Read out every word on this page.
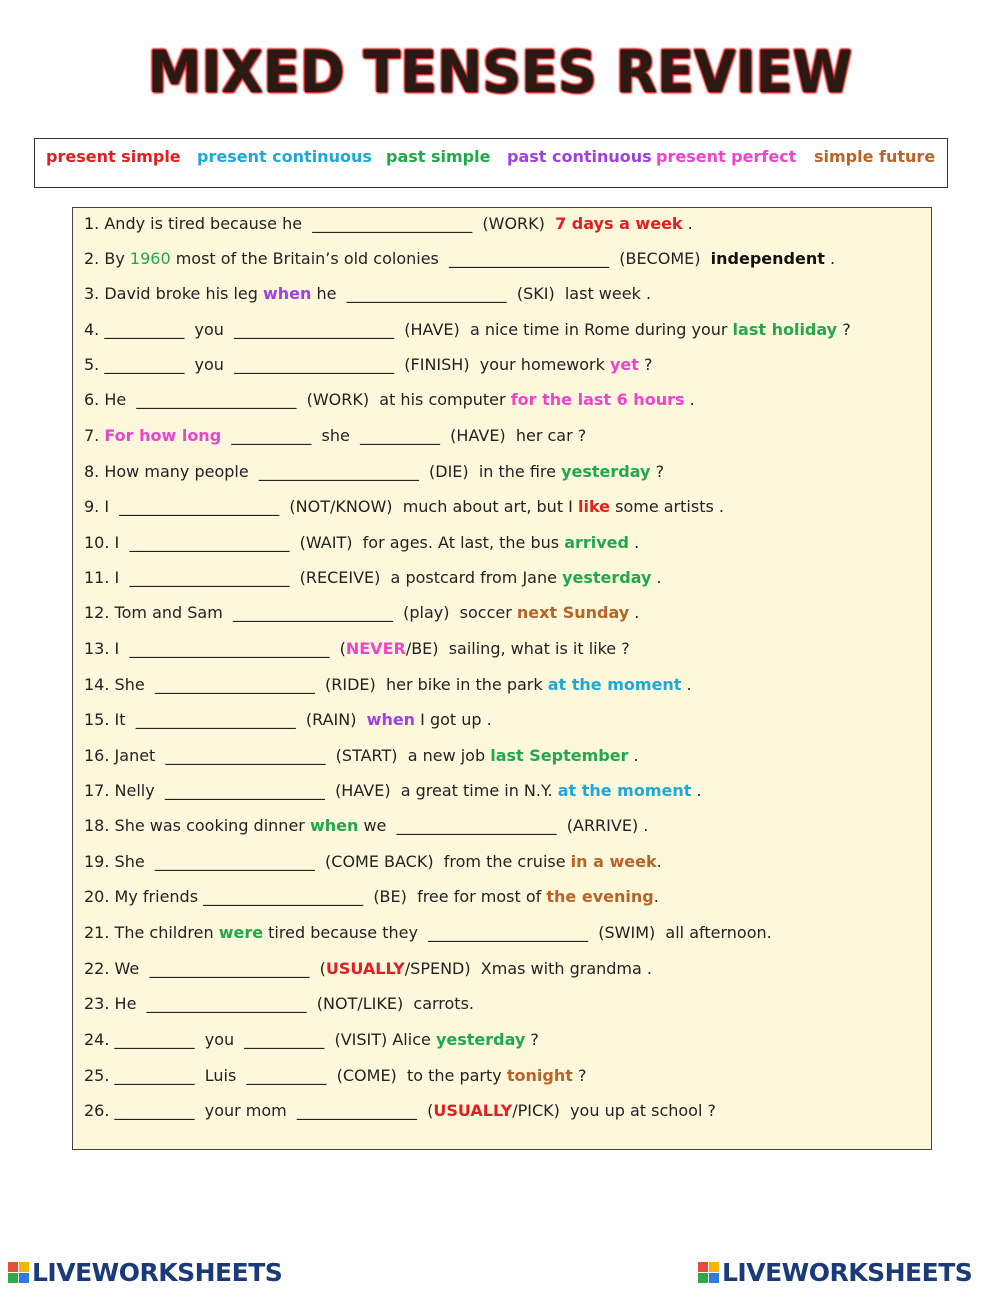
MIXED TENSES REVIEW
present simple present continuous past simple past continuous present perfect simple future
1. Andy is tired because he ____________________ (WORK) 7 days a week .
2. By 1960 most of the Britain’s old colonies ____________________ (BECOME) independent .
3. David broke his leg when he ____________________ (SKI) last week .
4. __________ you ____________________ (HAVE) a nice time in Rome during your last holiday ?
5. __________ you ____________________ (FINISH) your homework yet ?
6. He ____________________ (WORK) at his computer for the last 6 hours .
7. For how long __________ she __________ (HAVE) her car ?
8. How many people ____________________ (DIE) in the fire yesterday ?
9. I ____________________ (NOT/KNOW) much about art, but I like some artists .
10. I ____________________ (WAIT) for ages. At last, the bus arrived .
11. I ____________________ (RECEIVE) a postcard from Jane yesterday .
12. Tom and Sam ____________________ (play) soccer next Sunday .
13. I _________________________ (NEVER/BE) sailing, what is it like ?
14. She ____________________ (RIDE) her bike in the park at the moment .
15. It ____________________ (RAIN) when I got up .
16. Janet ____________________ (START) a new job last September .
17. Nelly ____________________ (HAVE) a great time in N.Y. at the moment .
18. She was cooking dinner when we ____________________ (ARRIVE) .
19. She ____________________ (COME BACK) from the cruise in a week.
20. My friends ____________________ (BE) free for most of the evening.
21. The children were tired because they ____________________ (SWIM) all afternoon.
22. We ____________________ (USUALLY/SPEND) Xmas with grandma .
23. He ____________________ (NOT/LIKE) carrots.
24. __________ you __________ (VISIT) Alice yesterday ?
25. __________ Luis __________ (COME) to the party tonight ?
26. __________ your mom _______________ (USUALLY/PICK) you up at school ?
LIVEWORKSHEETS	LIVEWORKSHEETS
